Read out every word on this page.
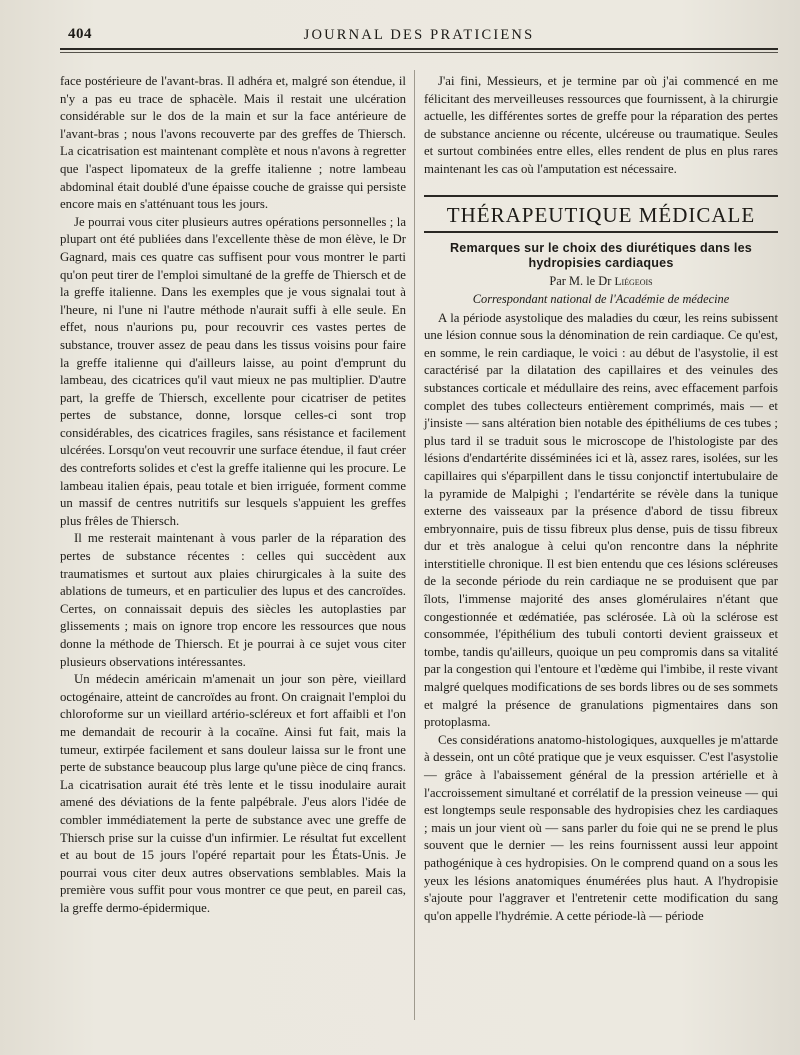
404	JOURNAL DES PRATICIENS

face postérieure de l'avant-bras. Il adhéra et, malgré son étendue, il n'y a pas eu trace de sphacèle. Mais il restait une ulcération considérable sur le dos de la main et sur la face antérieure de l'avant-bras ; nous l'avons recouverte par des greffes de Thiersch. La cicatrisation est maintenant complète et nous n'avons à regretter que l'aspect lipomateux de la greffe italienne ; notre lambeau abdominal était doublé d'une épaisse couche de graisse qui persiste encore mais en s'atténuant tous les jours.

Je pourrai vous citer plusieurs autres opérations personnelles ; la plupart ont été publiées dans l'excellente thèse de mon élève, le Dr Gagnard, mais ces quatre cas suffisent pour vous montrer le parti qu'on peut tirer de l'emploi simultané de la greffe de Thiersch et de la greffe italienne. Dans les exemples que je vous signalai tout à l'heure, ni l'une ni l'autre méthode n'aurait suffi à elle seule. En effet, nous n'aurions pu, pour recouvrir ces vastes pertes de substance, trouver assez de peau dans les tissus voisins pour faire la greffe italienne qui d'ailleurs laisse, au point d'emprunt du lambeau, des cicatrices qu'il vaut mieux ne pas multiplier. D'autre part, la greffe de Thiersch, excellente pour cicatriser de petites pertes de substance, donne, lorsque celles-ci sont trop considérables, des cicatrices fragiles, sans résistance et facilement ulcérées. Lorsqu'on veut recouvrir une surface étendue, il faut créer des contreforts solides et c'est la greffe italienne qui les procure. Le lambeau italien épais, peau totale et bien irriguée, forment comme un massif de centres nutritifs sur lesquels s'appuient les greffes plus frêles de Thiersch.

Il me resterait maintenant à vous parler de la réparation des pertes de substance récentes : celles qui succèdent aux traumatismes et surtout aux plaies chirurgicales à la suite des ablations de tumeurs, et en particulier des lupus et des cancroïdes. Certes, on connaissait depuis des siècles les autoplasties par glissements ; mais on ignore trop encore les ressources que nous donne la méthode de Thiersch. Et je pourrai à ce sujet vous citer plusieurs observations intéressantes.

Un médecin américain m'amenait un jour son père, vieillard octogénaire, atteint de cancroïdes au front. On craignait l'emploi du chloroforme sur un vieillard artério-scléreux et fort affaibli et l'on me demandait de recourir à la cocaïne. Ainsi fut fait, mais la tumeur, extirpée facilement et sans douleur laissa sur le front une perte de substance beaucoup plus large qu'une pièce de cinq francs. La cicatrisation aurait été très lente et le tissu inodulaire aurait amené des déviations de la fente palpébrale. J'eus alors l'idée de combler immédiatement la perte de substance avec une greffe de Thiersch prise sur la cuisse d'un infirmier. Le résultat fut excellent et au bout de 15 jours l'opéré repartait pour les États-Unis. Je pourrai vous citer deux autres observations semblables. Mais la première vous suffit pour vous montrer ce que peut, en pareil cas, la greffe dermo-épidermique.

J'ai fini, Messieurs, et je termine par où j'ai commencé en me félicitant des merveilleuses ressources que fournissent, à la chirurgie actuelle, les différentes sortes de greffe pour la réparation des pertes de substance ancienne ou récente, ulcéreuse ou traumatique. Seules et surtout combinées entre elles, elles rendent de plus en plus rares maintenant les cas où l'amputation est nécessaire.

THÉRAPEUTIQUE MÉDICALE
Remarques sur le choix des diurétiques dans les hydropisies cardiaques
Par M. le Dr Liégeois
Correspondant national de l'Académie de médecine

A la période asystolique des maladies du cœur, les reins subissent une lésion connue sous la dénomination de rein cardiaque. Ce qu'est, en somme, le rein cardiaque, le voici : au début de l'asystolie, il est caractérisé par la dilatation des capillaires et des veinules des substances corticale et médullaire des reins, avec effacement parfois complet des tubes collecteurs entièrement comprimés, mais — et j'insiste — sans altération bien notable des épithéliums de ces tubes ; plus tard il se traduit sous le microscope de l'histologiste par des lésions d'endartérite disséminées ici et là, assez rares, isolées, sur les capillaires qui s'éparpillent dans le tissu conjonctif intertubulaire de la pyramide de Malpighi ; l'endartérite se révèle dans la tunique externe des vaisseaux par la présence d'abord de tissu fibreux embryonnaire, puis de tissu fibreux plus dense, puis de tissu fibreux dur et très analogue à celui qu'on rencontre dans la néphrite interstitielle chronique. Il est bien entendu que ces lésions scléreuses de la seconde période du rein cardiaque ne se produisent que par îlots, l'immense majorité des anses glomérulaires n'étant que congestionnée et œdématiée, pas sclérosée. Là où la sclérose est consommée, l'épithélium des tubuli contorti devient graisseux et tombe, tandis qu'ailleurs, quoique un peu compromis dans sa vitalité par la congestion qui l'entoure et l'œdème qui l'imbibe, il reste vivant malgré quelques modifications de ses bords libres ou de ses sommets et malgré la présence de granulations pigmentaires dans son protoplasma.

Ces considérations anatomo-histologiques, auxquelles je m'attarde à dessein, ont un côté pratique que je veux esquisser. C'est l'asystolie — grâce à l'abaissement général de la pression artérielle et à l'accroissement simultané et corrélatif de la pression veineuse — qui est longtemps seule responsable des hydropisies chez les cardiaques ; mais un jour vient où — sans parler du foie qui ne se prend le plus souvent que le dernier — les reins fournissent aussi leur appoint pathogénique à ces hydropisies. On le comprend quand on a sous les yeux les lésions anatomiques énumérées plus haut. A l'hydropisie s'ajoute pour l'aggraver et l'entretenir cette modification du sang qu'on appelle l'hydrémie. A cette période-là — période
